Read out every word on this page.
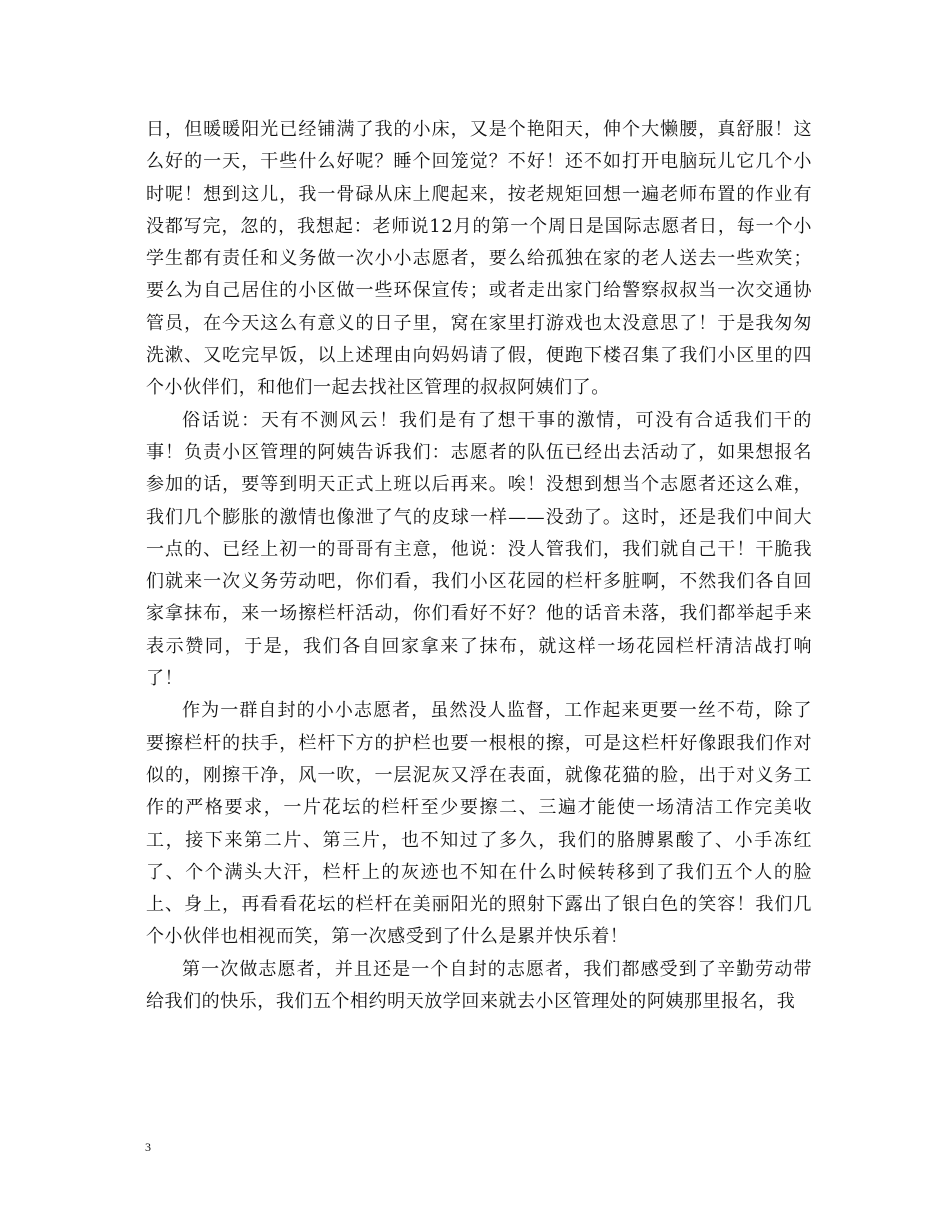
日，但暖暖阳光已经铺满了我的小床，又是个艳阳天，伸个大懒腰，真舒服！这么好的一天，干些什么好呢？睡个回笼觉？不好！还不如打开电脑玩儿它几个小时呢！想到这儿，我一骨碌从床上爬起来，按老规矩回想一遍老师布置的作业有没都写完，忽的，我想起：老师说12月的第一个周日是国际志愿者日，每一个小学生都有责任和义务做一次小小志愿者，要么给孤独在家的老人送去一些欢笑；要么为自己居住的小区做一些环保宣传；或者走出家门给警察叔叔当一次交通协管员，在今天这么有意义的日子里，窝在家里打游戏也太没意思了！于是我匆匆洗漱、又吃完早饭，以上述理由向妈妈请了假，便跑下楼召集了我们小区里的四个小伙伴们，和他们一起去找社区管理的叔叔阿姨们了。

俗话说：天有不测风云！我们是有了想干事的激情，可没有合适我们干的事！负责小区管理的阿姨告诉我们：志愿者的队伍已经出去活动了，如果想报名参加的话，要等到明天正式上班以后再来。唉！没想到想当个志愿者还这么难，我们几个膨胀的激情也像泄了气的皮球一样——没劲了。这时，还是我们中间大一点的、已经上初一的哥哥有主意，他说：没人管我们，我们就自己干！干脆我们就来一次义务劳动吧，你们看，我们小区花园的栏杆多脏啊，不然我们各自回家拿抹布，来一场擦栏杆活动，你们看好不好？他的话音未落，我们都举起手来表示赞同，于是，我们各自回家拿来了抹布，就这样一场花园栏杆清洁战打响了！

作为一群自封的小小志愿者，虽然没人监督，工作起来更要一丝不苟，除了要擦栏杆的扶手，栏杆下方的护栏也要一根根的擦，可是这栏杆好像跟我们作对似的，刚擦干净，风一吹，一层泥灰又浮在表面，就像花猫的脸，出于对义务工作的严格要求，一片花坛的栏杆至少要擦二、三遍才能使一场清洁工作完美收工，接下来第二片、第三片，也不知过了多久，我们的胳膊累酸了、小手冻红了、个个满头大汗，栏杆上的灰迹也不知在什么时候转移到了我们五个人的脸上、身上，再看看花坛的栏杆在美丽阳光的照射下露出了银白色的笑容！我们几个小伙伴也相视而笑，第一次感受到了什么是累并快乐着！

第一次做志愿者，并且还是一个自封的志愿者，我们都感受到了辛勤劳动带给我们的快乐，我们五个相约明天放学回来就去小区管理处的阿姨那里报名，我

3
